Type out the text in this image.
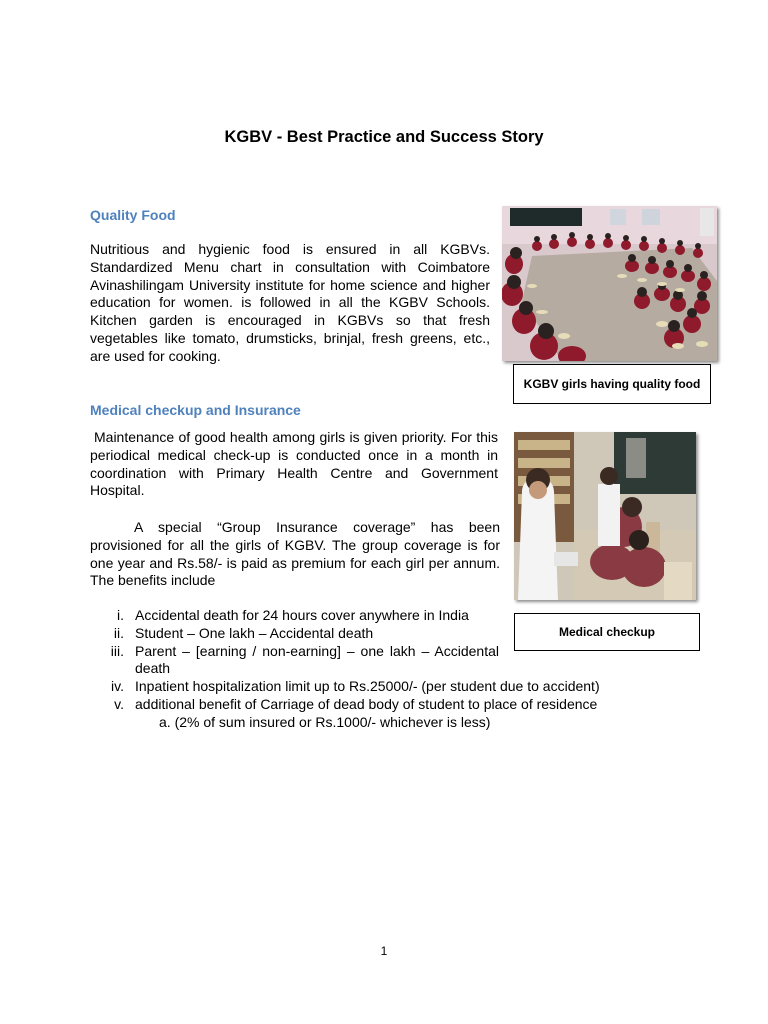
KGBV - Best Practice and Success Story
Quality Food
Nutritious and hygienic food is ensured in all KGBVs. Standardized Menu chart in consultation with Coimbatore Avinashilingam University institute for home science and higher education for women. is followed in all the KGBV Schools. Kitchen garden is encouraged in KGBVs so that fresh vegetables like tomato, drumsticks, brinjal, fresh greens, etc., are used for cooking.
KGBV girls having quality food
Medical checkup and Insurance
Maintenance of good health among girls is given priority. For this periodical medical check-up is conducted once in a month in coordination with Primary Health Centre and Government Hospital.
A special “Group Insurance coverage” has been provisioned for all the girls of KGBV. The group coverage is for one year and Rs.58/- is paid as premium for each girl per annum. The benefits include
Medical checkup
i. Accidental death for 24 hours cover anywhere in India
ii. Student – One lakh – Accidental death
iii. Parent – [earning / non-earning] – one lakh – Accidental death
iv. Inpatient hospitalization limit up to Rs.25000/- (per student due to accident)
v. additional benefit of Carriage of dead body of student to place of residence
a. (2% of sum insured or Rs.1000/- whichever is less)
1
